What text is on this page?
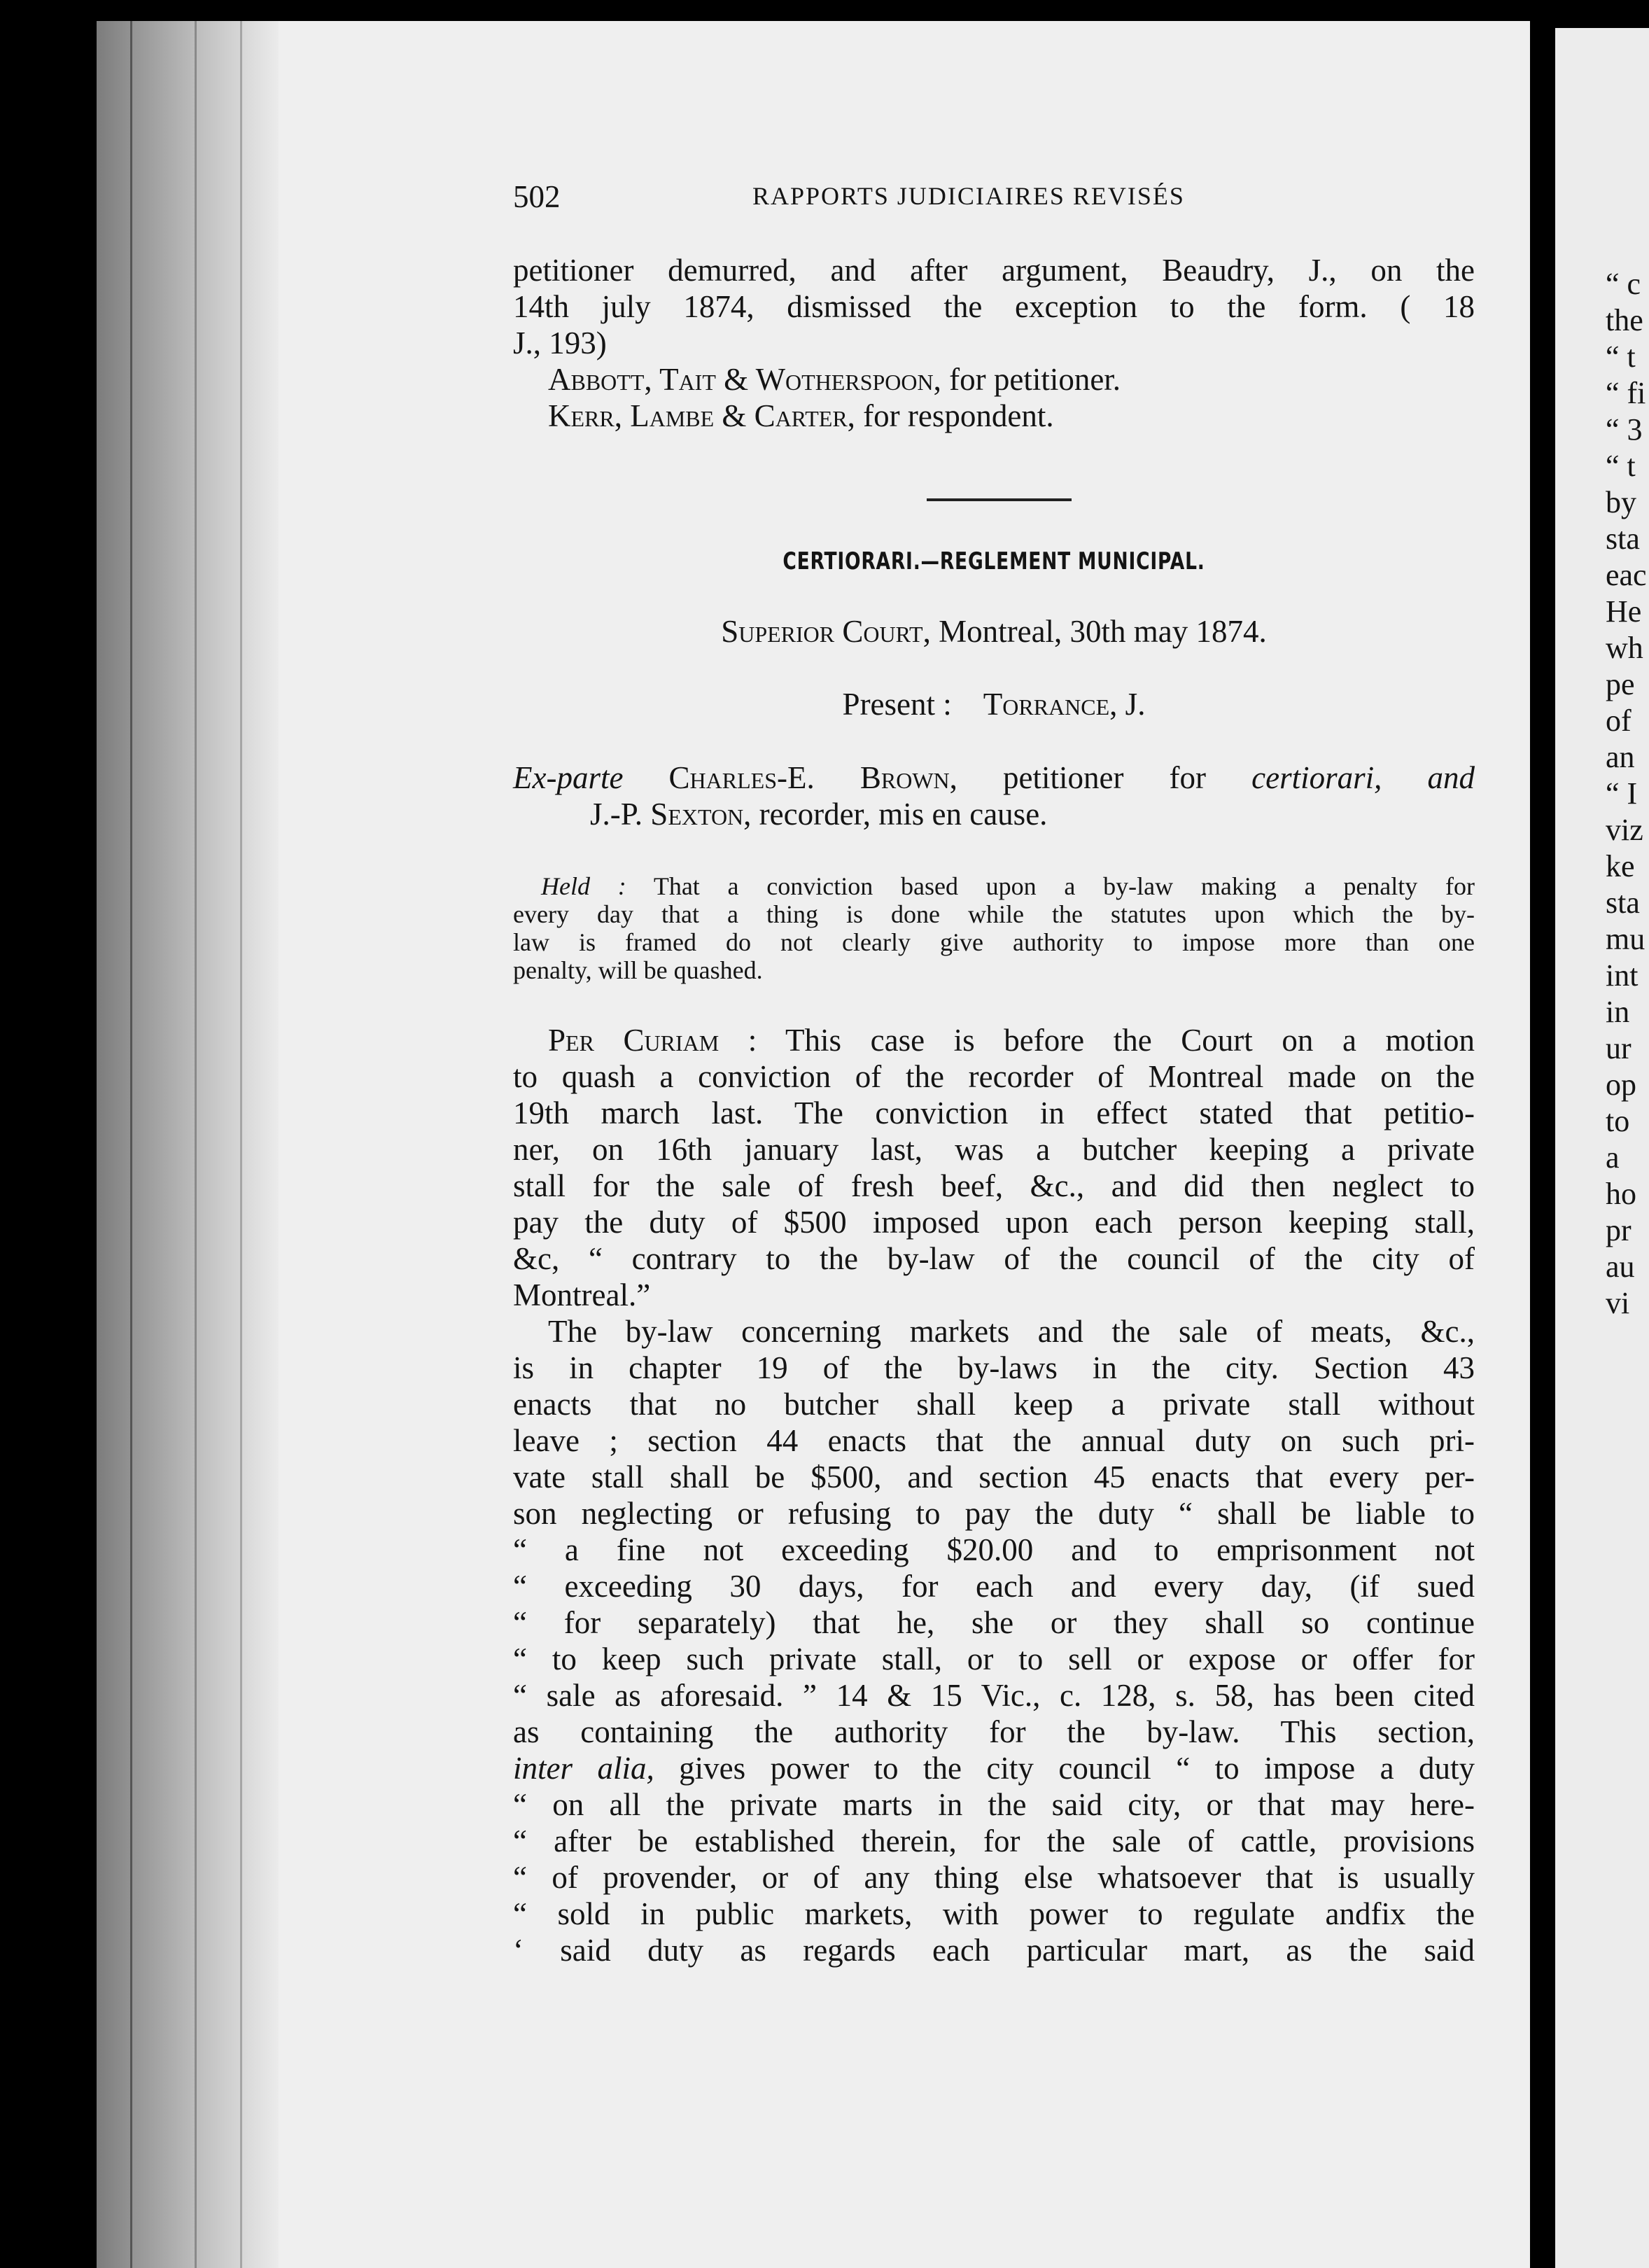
“ c
the
“ t
“ fi
“ 3
“ t
by
sta
eac
He
wh
pe
of
an
“ I
viz
ke
sta
mu
int
in
ur
op
to
a
ho
pr
au
vi
502	RAPPORTS JUDICIAIRES REVISÉS
petitioner demurred, and after argument, Beaudry, J., on the
14th july 1874, dismissed the exception to the form. ( 18
J., 193)
Abbott, Tait & Wotherspoon, for petitioner.
Kerr, Lambe & Carter, for respondent.
CERTIORARI.—REGLEMENT MUNICIPAL.
Superior Court, Montreal, 30th may 1874.
Present : Torrance, J.
Ex-parte Charles-E. Brown, petitioner for certiorari, and
J.-P. Sexton, recorder, mis en cause.
Held : That a conviction based upon a by-law making a penalty for
every day that a thing is done while the statutes upon which the by-
law is framed do not clearly give authority to impose more than one
penalty, will be quashed.
Per Curiam : This case is before the Court on a motion
to quash a conviction of the recorder of Montreal made on the
19th march last. The conviction in effect stated that petitio-
ner, on 16th january last, was a butcher keeping a private
stall for the sale of fresh beef, &c., and did then neglect to
pay the duty of $500 imposed upon each person keeping stall,
&c, “ contrary to the by-law of the council of the city of
Montreal.”
The by-law concerning markets and the sale of meats, &c.,
is in chapter 19 of the by-laws in the city. Section 43
enacts that no butcher shall keep a private stall without
leave ; section 44 enacts that the annual duty on such pri-
vate stall shall be $500, and section 45 enacts that every per-
son neglecting or refusing to pay the duty “ shall be liable to
“ a fine not exceeding $20.00 and to emprisonment not
“ exceeding 30 days, for each and every day, (if sued
“ for separately) that he, she or they shall so continue
“ to keep such private stall, or to sell or expose or offer for
“ sale as aforesaid. ” 14 & 15 Vic., c. 128, s. 58, has been cited
as containing the authority for the by-law. This section,
inter alia, gives power to the city council “ to impose a duty
“ on all the private marts in the said city, or that may here-
“ after be established therein, for the sale of cattle, provisions
“ of provender, or of any thing else whatsoever that is usually
“ sold in public markets, with power to regulate andfix the
‘ said duty as regards each particular mart, as the said
